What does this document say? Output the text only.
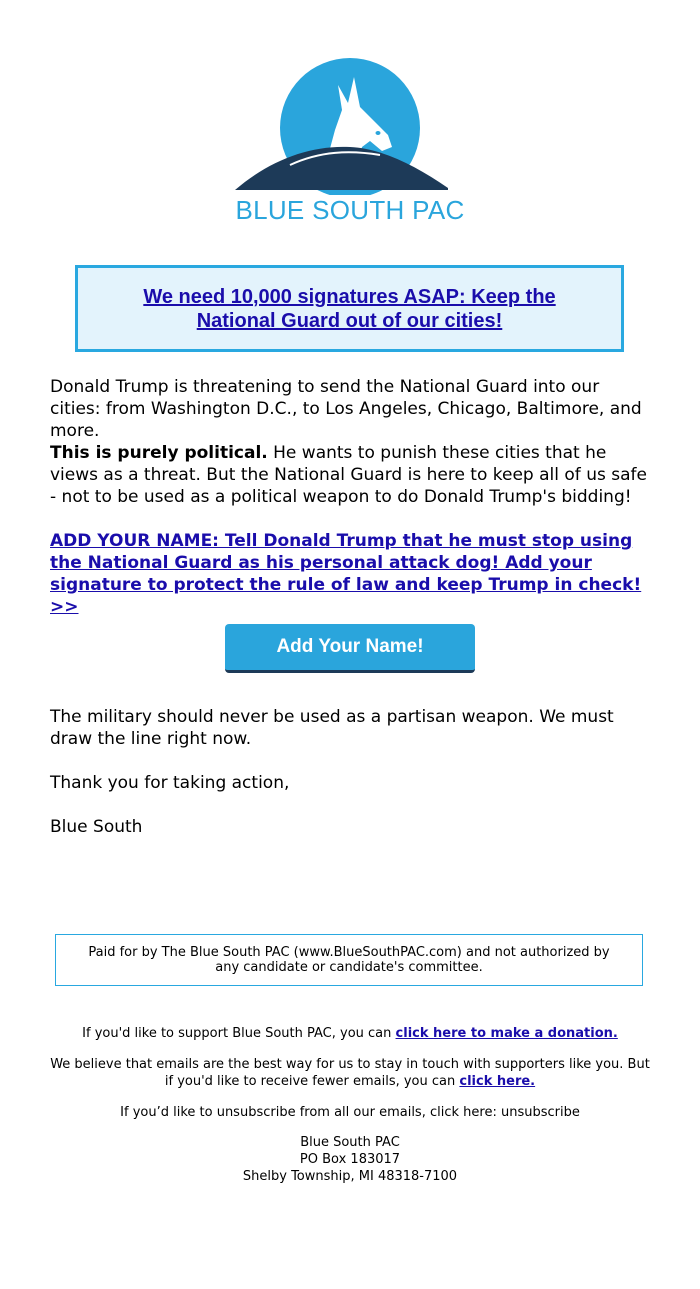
BLUE SOUTH PAC
We need 10,000 signatures ASAP: Keep the National Guard out of our cities!

Donald Trump is threatening to send the National Guard into our cities: from Washington D.C., to Los Angeles, Chicago, Baltimore, and more.

This is purely political. He wants to punish these cities that he views as a threat. But the National Guard is here to keep all of us safe - not to be used as a political weapon to do Donald Trump's bidding!

ADD YOUR NAME: Tell Donald Trump that he must stop using the National Guard as his personal attack dog! Add your signature to protect the rule of law and keep Trump in check! >>
Add Your Name!

The military should never be used as a partisan weapon. We must draw the line right now.

Thank you for taking action,

Blue South

Paid for by The Blue South PAC (www.BlueSouthPAC.com) and not authorized by any candidate or candidate's committee.

If you'd like to support Blue South PAC, you can click here to make a donation.

We believe that emails are the best way for us to stay in touch with supporters like you. But if you'd like to receive fewer emails, you can click here.

If you’d like to unsubscribe from all our emails, click here: unsubscribe

Blue South PAC
PO Box 183017
Shelby Township, MI 48318-7100
